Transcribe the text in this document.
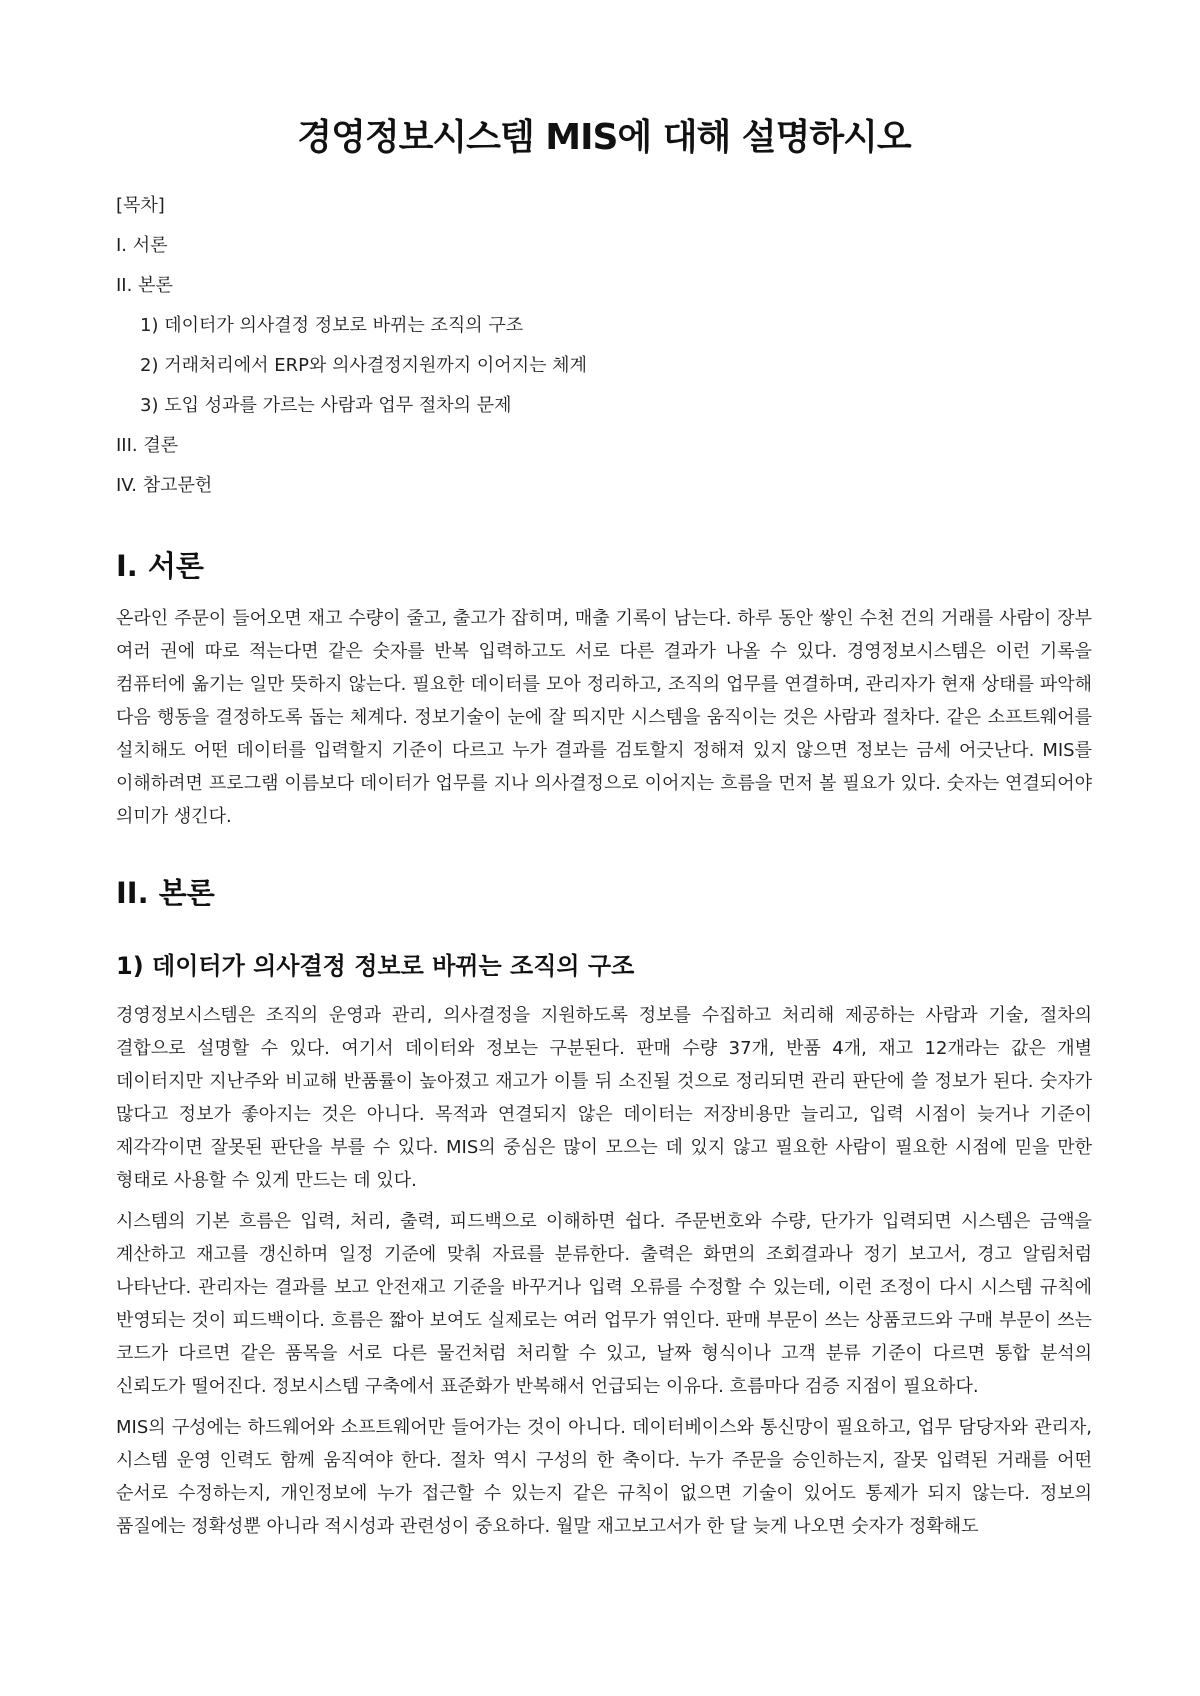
경영정보시스템 MIS에 대해 설명하시오
[목차]
I. 서론
II. 본론
1) 데이터가 의사결정 정보로 바뀌는 조직의 구조
2) 거래처리에서 ERP와 의사결정지원까지 이어지는 체계
3) 도입 성과를 가르는 사람과 업무 절차의 문제
III. 결론
IV. 참고문헌
I. 서론

온라인 주문이 들어오면 재고 수량이 줄고, 출고가 잡히며, 매출 기록이 남는다. 하루 동안 쌓인 수천 건의 거래를 사람이 장부 여러 권에 따로 적는다면 같은 숫자를 반복 입력하고도 서로 다른 결과가 나올 수 있다. 경영정보시스템은 이런 기록을 컴퓨터에 옮기는 일만 뜻하지 않는다. 필요한 데이터를 모아 정리하고, 조직의 업무를 연결하며, 관리자가 현재 상태를 파악해 다음 행동을 결정하도록 돕는 체계다. 정보기술이 눈에 잘 띄지만 시스템을 움직이는 것은 사람과 절차다. 같은 소프트웨어를 설치해도 어떤 데이터를 입력할지 기준이 다르고 누가 결과를 검토할지 정해져 있지 않으면 정보는 금세 어긋난다. MIS를 이해하려면 프로그램 이름보다 데이터가 업무를 지나 의사결정으로 이어지는 흐름을 먼저 볼 필요가 있다. 숫자는 연결되어야 의미가 생긴다.

II. 본론
1) 데이터가 의사결정 정보로 바뀌는 조직의 구조

경영정보시스템은 조직의 운영과 관리, 의사결정을 지원하도록 정보를 수집하고 처리해 제공하는 사람과 기술, 절차의 결합으로 설명할 수 있다. 여기서 데이터와 정보는 구분된다. 판매 수량 37개, 반품 4개, 재고 12개라는 값은 개별 데이터지만 지난주와 비교해 반품률이 높아졌고 재고가 이틀 뒤 소진될 것으로 정리되면 관리 판단에 쓸 정보가 된다. 숫자가 많다고 정보가 좋아지는 것은 아니다. 목적과 연결되지 않은 데이터는 저장비용만 늘리고, 입력 시점이 늦거나 기준이 제각각이면 잘못된 판단을 부를 수 있다. MIS의 중심은 많이 모으는 데 있지 않고 필요한 사람이 필요한 시점에 믿을 만한 형태로 사용할 수 있게 만드는 데 있다.

시스템의 기본 흐름은 입력, 처리, 출력, 피드백으로 이해하면 쉽다. 주문번호와 수량, 단가가 입력되면 시스템은 금액을 계산하고 재고를 갱신하며 일정 기준에 맞춰 자료를 분류한다. 출력은 화면의 조회결과나 정기 보고서, 경고 알림처럼 나타난다. 관리자는 결과를 보고 안전재고 기준을 바꾸거나 입력 오류를 수정할 수 있는데, 이런 조정이 다시 시스템 규칙에 반영되는 것이 피드백이다. 흐름은 짧아 보여도 실제로는 여러 업무가 엮인다. 판매 부문이 쓰는 상품코드와 구매 부문이 쓰는 코드가 다르면 같은 품목을 서로 다른 물건처럼 처리할 수 있고, 날짜 형식이나 고객 분류 기준이 다르면 통합 분석의 신뢰도가 떨어진다. 정보시스템 구축에서 표준화가 반복해서 언급되는 이유다. 흐름마다 검증 지점이 필요하다.

MIS의 구성에는 하드웨어와 소프트웨어만 들어가는 것이 아니다. 데이터베이스와 통신망이 필요하고, 업무 담당자와 관리자, 시스템 운영 인력도 함께 움직여야 한다. 절차 역시 구성의 한 축이다. 누가 주문을 승인하는지, 잘못 입력된 거래를 어떤 순서로 수정하는지, 개인정보에 누가 접근할 수 있는지 같은 규칙이 없으면 기술이 있어도 통제가 되지 않는다. 정보의 품질에는 정확성뿐 아니라 적시성과 관련성이 중요하다. 월말 재고보고서가 한 달 늦게 나오면 숫자가 정확해도
